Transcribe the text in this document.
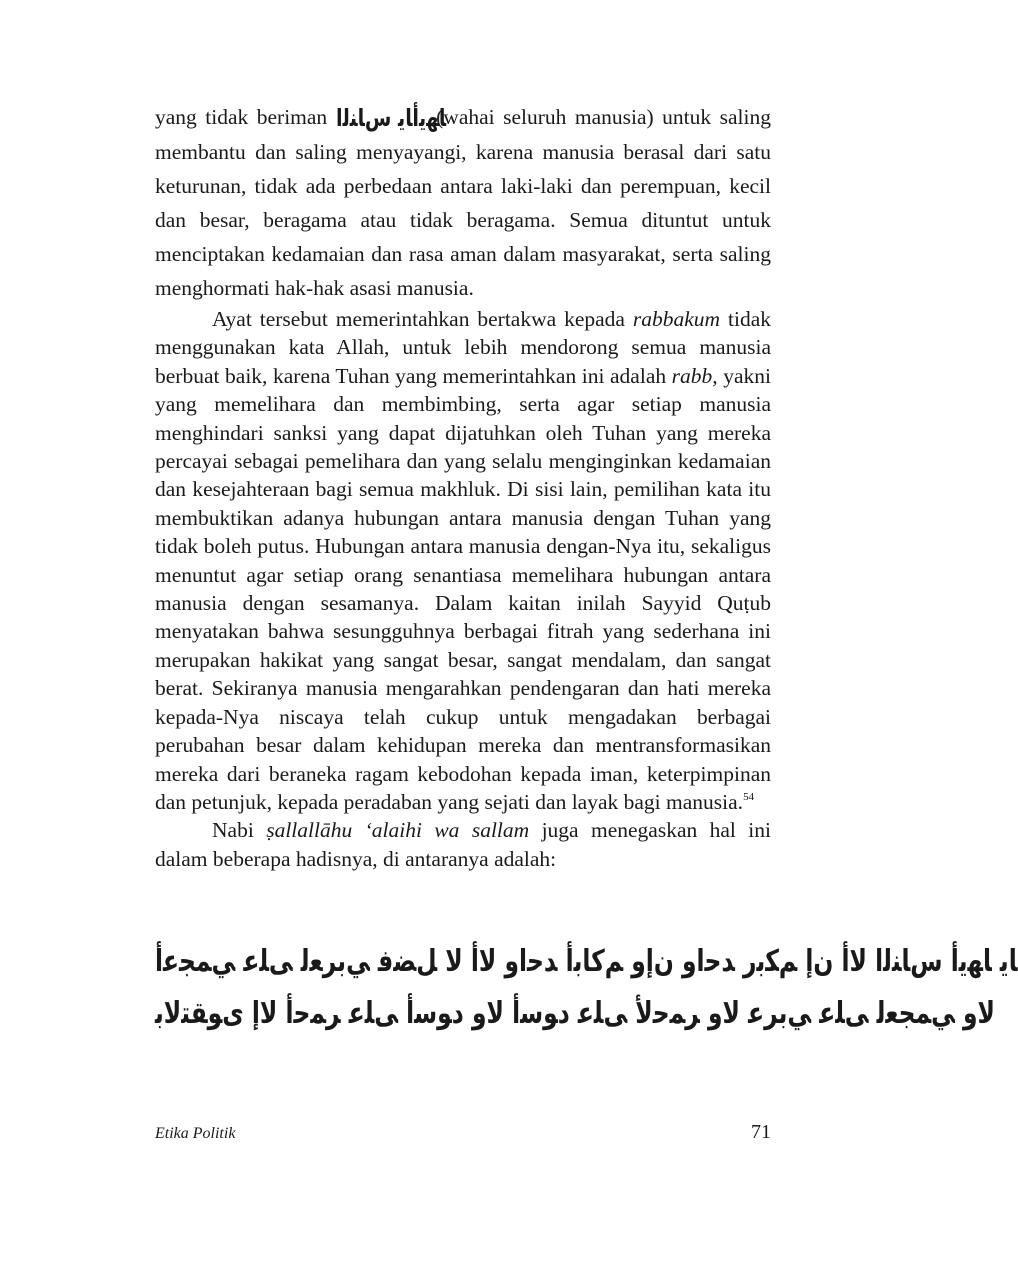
yang tidak beriman ﺎﻬﻳﺃﺎﻳ ﺱﺎﻨﻟﺍ (wahai seluruh manusia) untuk saling membantu dan saling menyayangi, karena manusia berasal dari satu keturunan, tidak ada perbedaan antara laki-laki dan perempuan, kecil dan besar, beragama atau tidak beragama. Semua dituntut untuk menciptakan kedamaian dan rasa aman dalam masyarakat, serta saling menghormati hak-hak asasi manusia.

Ayat tersebut memerintahkan bertakwa kepada rabbakum tidak menggunakan kata Allah, untuk lebih mendorong semua manusia berbuat baik, karena Tuhan yang memerintahkan ini adalah rabb, yakni yang memelihara dan membimbing, serta agar setiap manusia menghindari sanksi yang dapat dijatuhkan oleh Tuhan yang mereka percayai sebagai pemelihara dan yang selalu menginginkan kedamaian dan kesejahteraan bagi semua makhluk. Di sisi lain, pemilihan kata itu membuktikan adanya hubungan antara manusia dengan Tuhan yang tidak boleh putus. Hubungan antara manusia dengan-Nya itu, sekaligus menuntut agar setiap orang senantiasa memelihara hubungan antara manusia dengan sesamanya. Dalam kaitan inilah Sayyid Quṭub menyatakan bahwa sesungguhnya berbagai fitrah yang sederhana ini merupakan hakikat yang sangat besar, sangat mendalam, dan sangat berat. Sekiranya manusia mengarahkan pendengaran dan hati mereka kepada-Nya niscaya telah cukup untuk mengadakan berbagai perubahan besar dalam kehidupan mereka dan mentransformasikan mereka dari beraneka ragam kebodohan kepada iman, keterpimpinan dan petunjuk, kepada peradaban yang sejati dan layak bagi manusia.$^{54}$

Nabi ṣallallāhu ‘alaihi wa sallam juga menegaskan hal ini dalam beberapa hadisnya, di antaranya adalah:

ﺎﻳ ﺎﻬﻳﺃ ﺱﺎﻨﻟﺍ ﻻﺃ ﻥﺇ ﻢﻜﺑﺭ ﺪﺣﺍﻭ ﻥﺇﻭ ﻢﻛﺎﺑﺃ ﺪﺣﺍﻭ ﻻﺃ ﻻ ﻞﻀﻓ ﻲﺑﺮﻌﻟ ﻰﻠﻋ ﻲﻤﺠﻋﺃ
ﻻﻭ ﻲﻤﺠﻌﻟ ﻰﻠﻋ ﻲﺑﺮﻋ ﻻﻭ ﺮﻤﺣﻷ ﻰﻠﻋ ﺩﻮﺳﺃ ﻻﻭ ﺩﻮﺳﺃ ﻰﻠﻋ ﺮﻤﺣﺃ ﻻﺇ ﻯﻮﻘﺘﻟﺎﺑ
Etika Politik	71
